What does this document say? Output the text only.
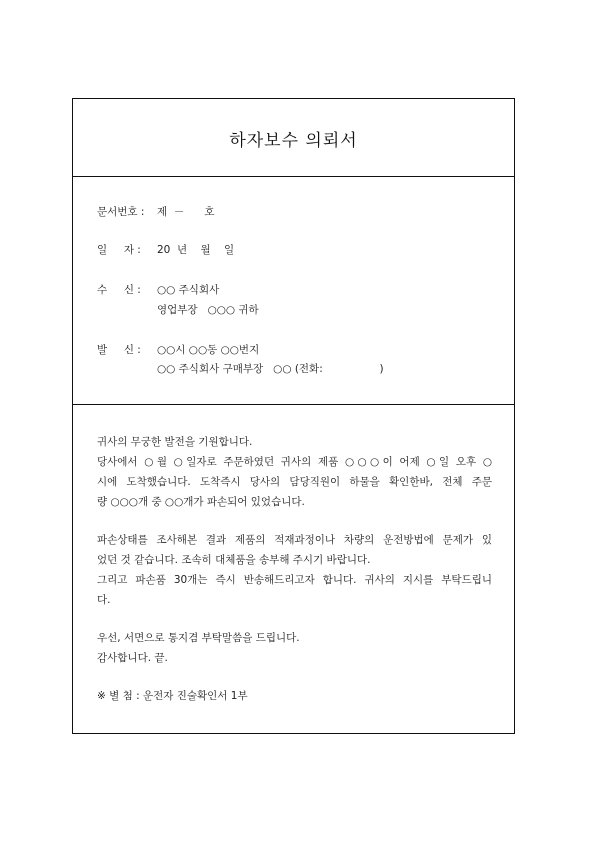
하자보수 의뢰서
문서번호 : 제  －      호
일     자 : 20  년    월    일
수     신 : ○○ 주식회사
영업부장   ○○○ 귀하
발     신 : ○○시 ○○동 ○○번지
○○ 주식회사 구매부장   ○○ (전화:                 )
귀사의 무궁한 발전을 기원합니다.
당사에서 ○월 ○일자로 주문하였던 귀사의 제품 ○○○이 어제 ○일 오후 ○
시에 도착했습니다. 도착즉시 당사의 담당직원이 하물을 확인한바, 전체 주문
량 ○○○개 중 ○○개가 파손되어 있었습니다.
파손상태를 조사해본 결과 제품의 적재과정이나 차량의 운전방법에 문제가 있
었던 것 같습니다. 조속히 대체품을 송부해 주시기 바랍니다.
그리고 파손품 30개는 즉시 반송해드리고자 합니다. 귀사의 지시를 부탁드립니
다.
우선, 서면으로 통지겸 부탁말씀을 드립니다.
감사합니다. 끝.
※ 별 첨 : 운전자 진술확인서 1부
